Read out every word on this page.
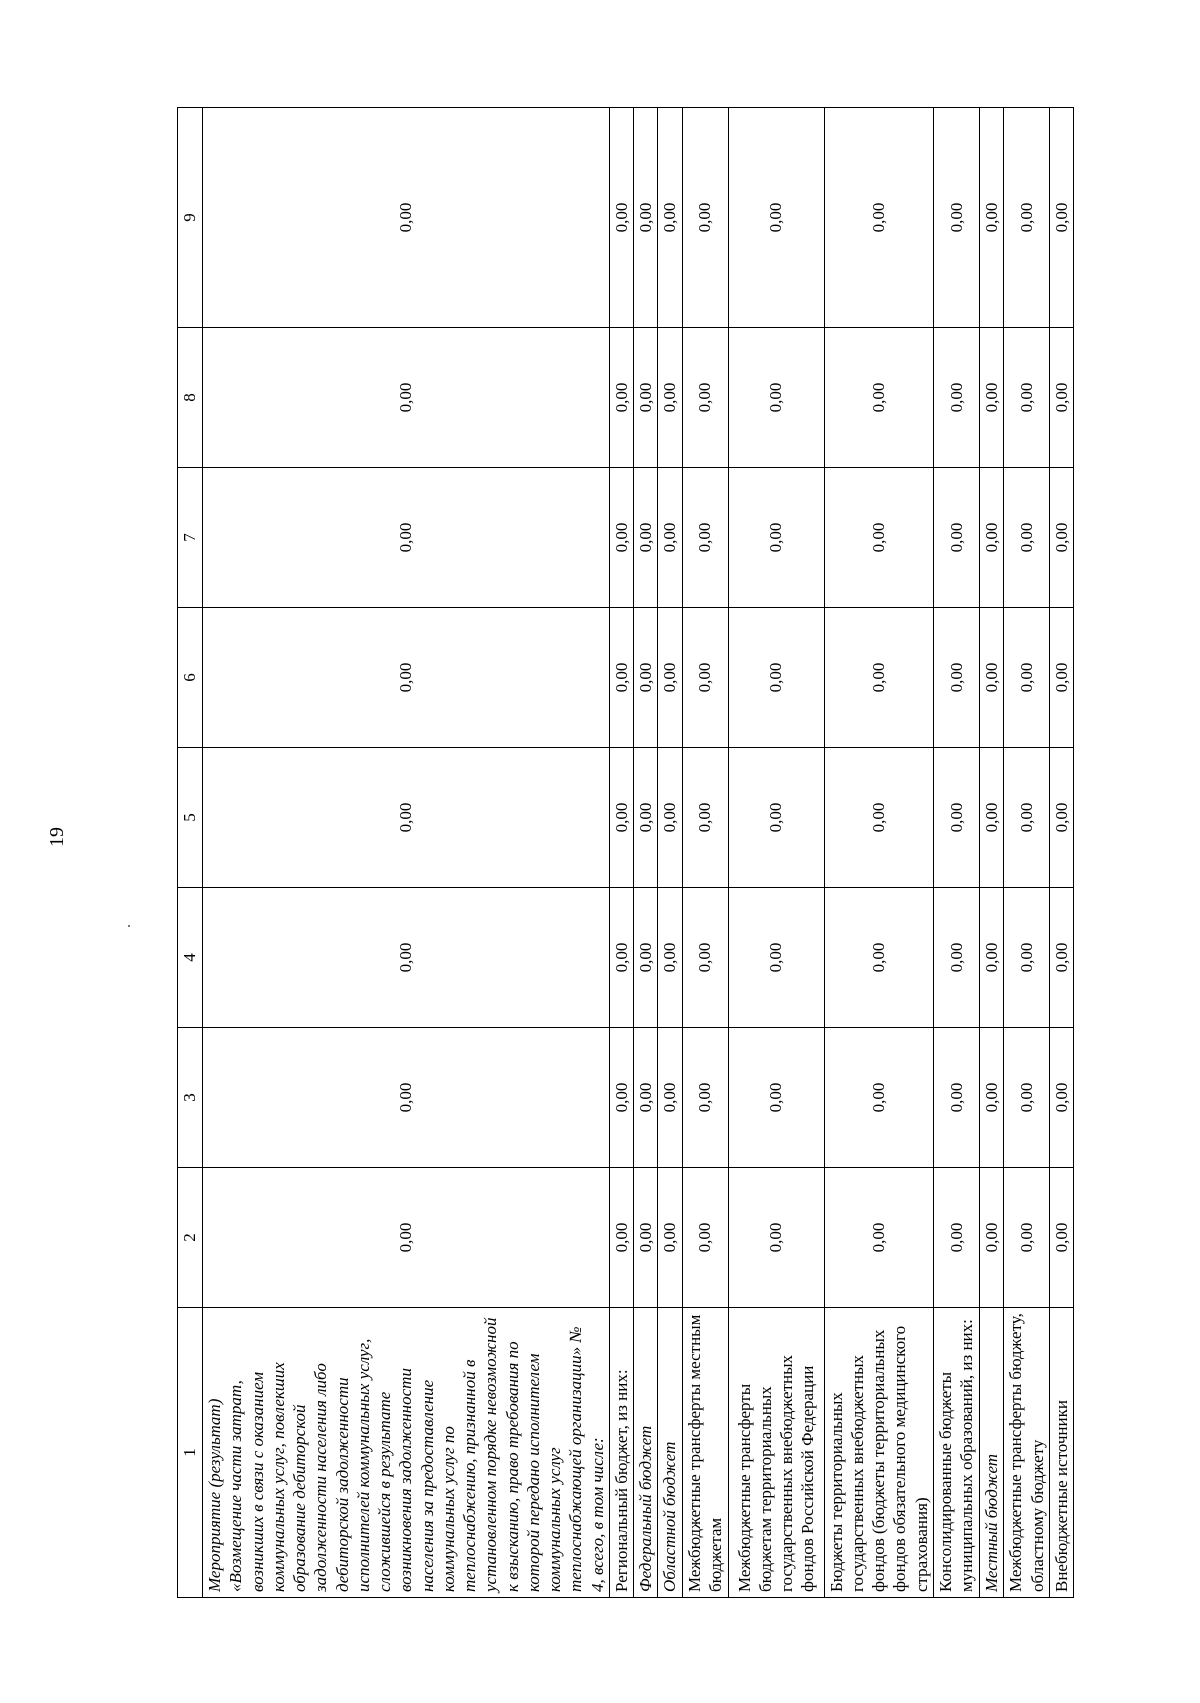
19
1	2	3	4	5	6	7	8	9
Мероприятие (результат) «Возмещение части затрат, возникших в связи с оказанием коммунальных услуг, повлекших образование дебиторской задолженности населения либо дебиторской задолженности исполнителей коммунальных услуг, сложившейся в результате возникновения задолженности населения за предоставление коммунальных услуг по теплоснабжению, признанной в установленном порядке невозможной к взысканию, право требования по которой передано исполнителем коммунальных услуг теплоснабжающей организации» № 4, всего, в том числе:	0,00	0,00	0,00	0,00	0,00	0,00	0,00	0,00
Региональный бюджет, из них:	0,00	0,00	0,00	0,00	0,00	0,00	0,00	0,00
Федеральный бюджет	0,00	0,00	0,00	0,00	0,00	0,00	0,00	0,00
Областной бюджет	0,00	0,00	0,00	0,00	0,00	0,00	0,00	0,00
Межбюджетные трансферты местным бюджетам	0,00	0,00	0,00	0,00	0,00	0,00	0,00	0,00
Межбюджетные трансферты бюджетам территориальных государственных внебюджетных фондов Российской Федерации	0,00	0,00	0,00	0,00	0,00	0,00	0,00	0,00
Бюджеты территориальных государственных внебюджетных фондов (бюджеты территориальных фондов обязательного медицинского страхования)	0,00	0,00	0,00	0,00	0,00	0,00	0,00	0,00
Консолидированные бюджеты муниципальных образований, из них:	0,00	0,00	0,00	0,00	0,00	0,00	0,00	0,00
Местный бюджет	0,00	0,00	0,00	0,00	0,00	0,00	0,00	0,00
Межбюджетные трансферты бюджету, областному бюджету	0,00	0,00	0,00	0,00	0,00	0,00	0,00	0,00
Внебюджетные источники	0,00	0,00	0,00	0,00	0,00	0,00	0,00	0,00
